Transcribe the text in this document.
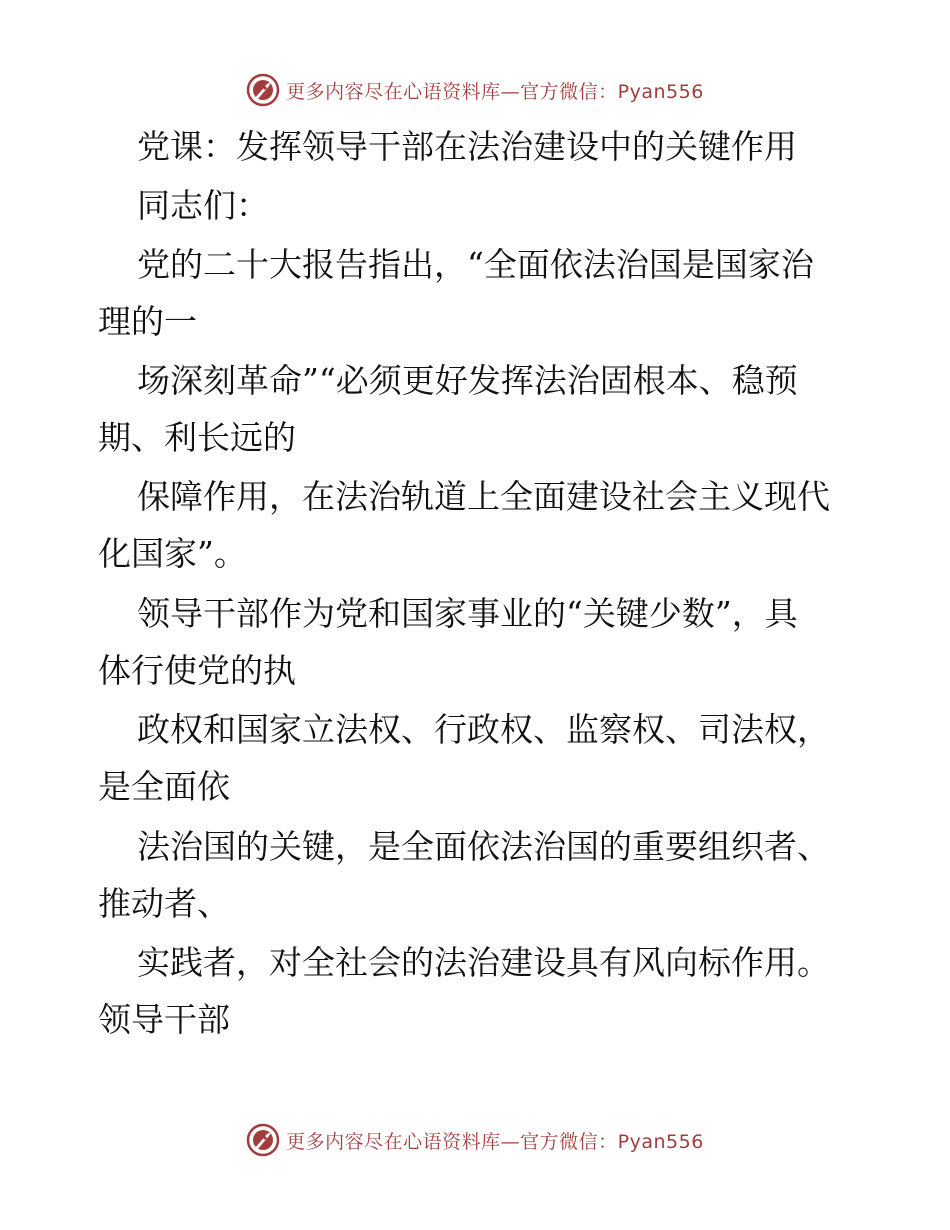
更多内容尽在心语资料库—官方微信：Pyan556
党课：发挥领导干部在法治建设中的关键作用
同志们：
党的二十大报告指出，“全面依法治国是国家治
理的一
场深刻革命”“必须更好发挥法治固根本、稳预
期、利长远的
保障作用，在法治轨道上全面建设社会主义现代
化国家”。
领导干部作为党和国家事业的“关键少数”，具
体行使党的执
政权和国家立法权、行政权、监察权、司法权，
是全面依
法治国的关键，是全面依法治国的重要组织者、
推动者、
实践者，对全社会的法治建设具有风向标作用。
领导干部
更多内容尽在心语资料库—官方微信：Pyan556
